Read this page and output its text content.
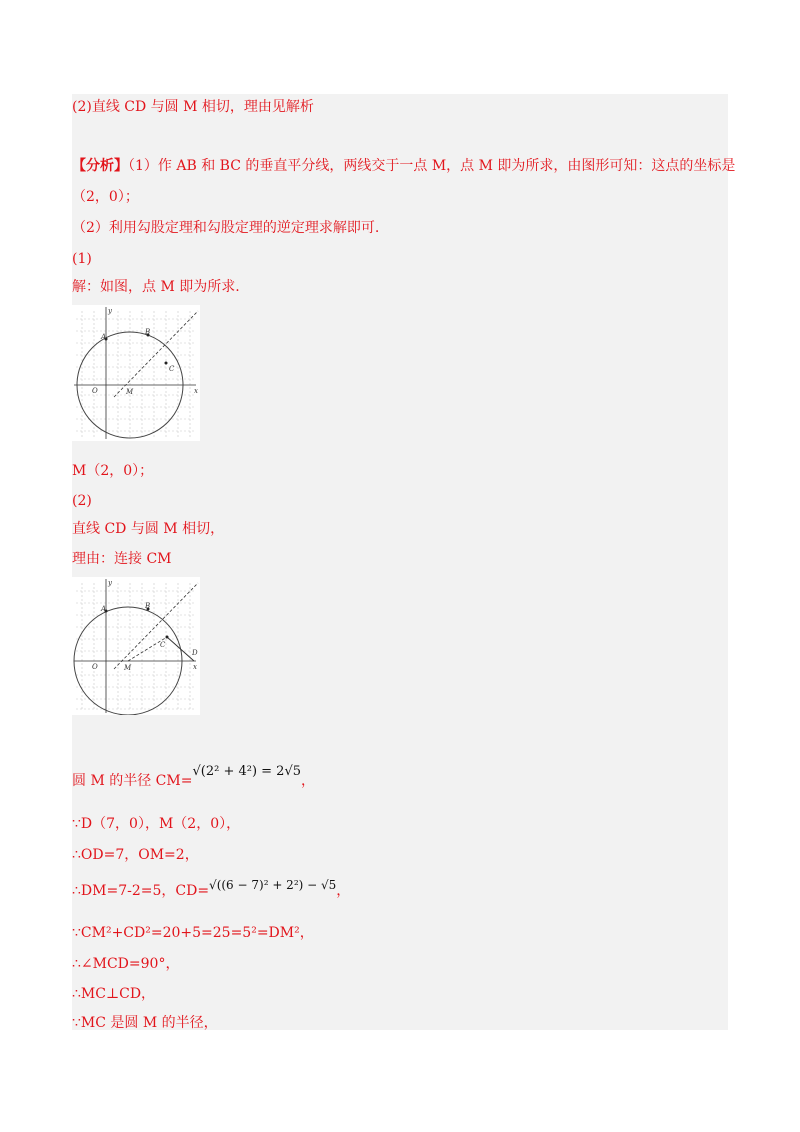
(2)直线 CD 与圆 M 相切，理由见解析
【分析】（1）作 AB 和 BC 的垂直平分线，两线交于一点 M，点 M 即为所求，由图形可知：这点的坐标是
（2，0）；
（2）利用勾股定理和勾股定理的逆定理求解即可.
(1)
解：如图，点 M 即为所求.
y
x
O
A
B
C
M
M（2，0）；
(2)
直线 CD 与圆 M 相切，
理由：连接 CM
y
x
O
A	B
C
D
M
圆 M 的半径 CM=√(2² + 4²) = 2√5，
∵D（7，0），M（2，0），
∴OD=7，OM=2，
∴DM=7-2=5，CD=√((6 − 7)² + 2²) − √5，
∵CM²+CD²=20+5=25=5²=DM²，
∴∠MCD=90°，
∴MC⊥CD，
∵MC 是圆 M 的半径，
